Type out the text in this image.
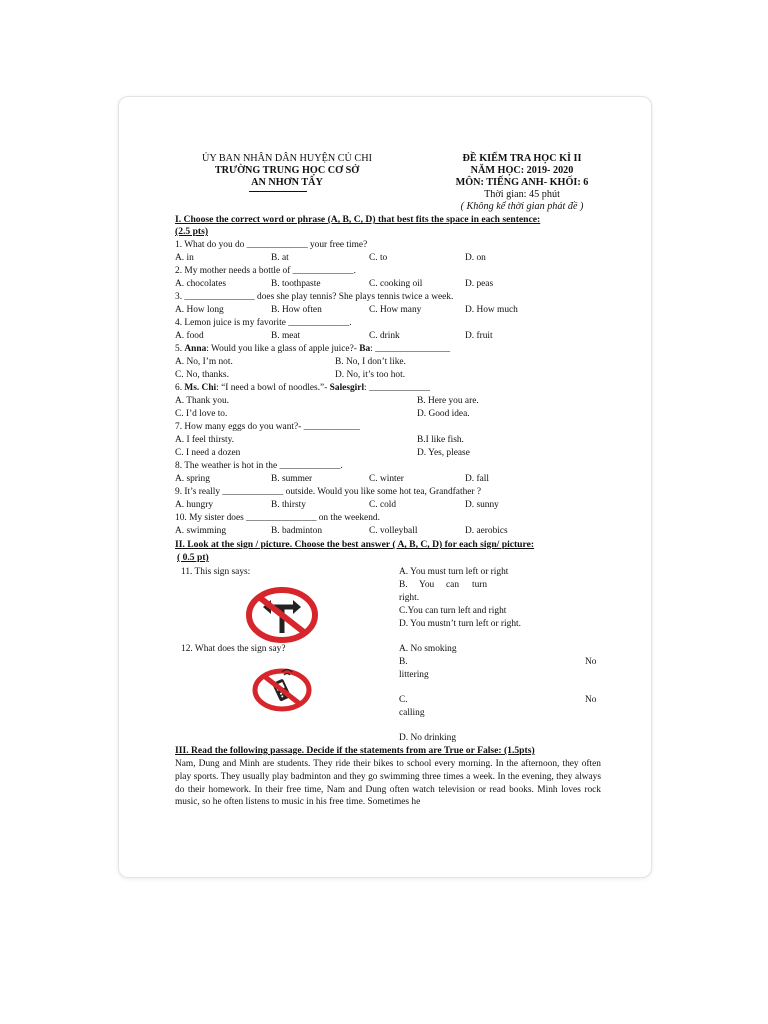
ỦY BAN NHÂN DÂN HUYỆN CỦ CHI
TRƯỜNG TRUNG HỌC CƠ SỞ
AN NHƠN TÂY
ĐỀ KIỂM TRA HỌC KÌ II
NĂM HỌC: 2019- 2020
MÔN: TIẾNG ANH- KHỐI: 6
Thời gian: 45 phút
( Không kể thời gian phát đề )
I. Choose the correct word or phrase (A, B, C, D) that best fits the space in each sentence:
(2.5 pts)
1. What do you do _____________ your free time?
A. in	B. at	C. to	D. on
2. My mother needs a bottle of _____________.
A. chocolates	B. toothpaste	C. cooking oil	D. peas
3. _______________ does she play tennis? She plays tennis twice a week.
A. How long	B. How often	C. How many	D. How much
4. Lemon juice is my favorite _____________.
A. food	B. meat	C. drink	D. fruit
5. Anna: Would you like a glass of apple juice?- Ba: ________________
A. No, I’m not.	B. No, I don’t like.
C. No, thanks.	D. No, it’s too hot.
6. Ms. Chi: “I need a bowl of noodles.”- Salesgirl: _____________
A. Thank you.	B. Here you are.
C. I’d love to.	D. Good idea.
7. How many eggs do you want?- ____________
A. I feel thirsty.	B.I like fish.
C. I need a dozen	D. Yes, please
8. The weather is hot in the _____________.
A. spring	B. summer	C. winter	D. fall
9. It’s really _____________ outside. Would you like some hot tea, Grandfather ?
A. hungry	B. thirsty	C. cold	D. sunny
10. My sister does _______________ on the weekend.
A. swimming	B. badminton	C. volleyball	D. aerobics
II. Look at the sign / picture. Choose the best answer ( A, B, C, D) for each sign/ picture:
( 0.5 pt)
11. This sign says:	A. You must turn left or right
B. You can turn
right.
C.You can turn left and right
D. You mustn’t turn left or right.
12. What does the sign say?	A. No smoking
B.	No
littering
C.	No
calling
D. No drinking
III. Read the following passage. Decide if the statements from are True or False: (1.5pts)
Nam, Dung and Minh are students. They ride their bikes to school every morning. In the afternoon, they often play sports. They usually play badminton and they go swimming three times a week. In the evening, they always do their homework. In their free time, Nam and Dung often watch television or read books. Minh loves rock music, so he often listens to music in his free time. Sometimes he
